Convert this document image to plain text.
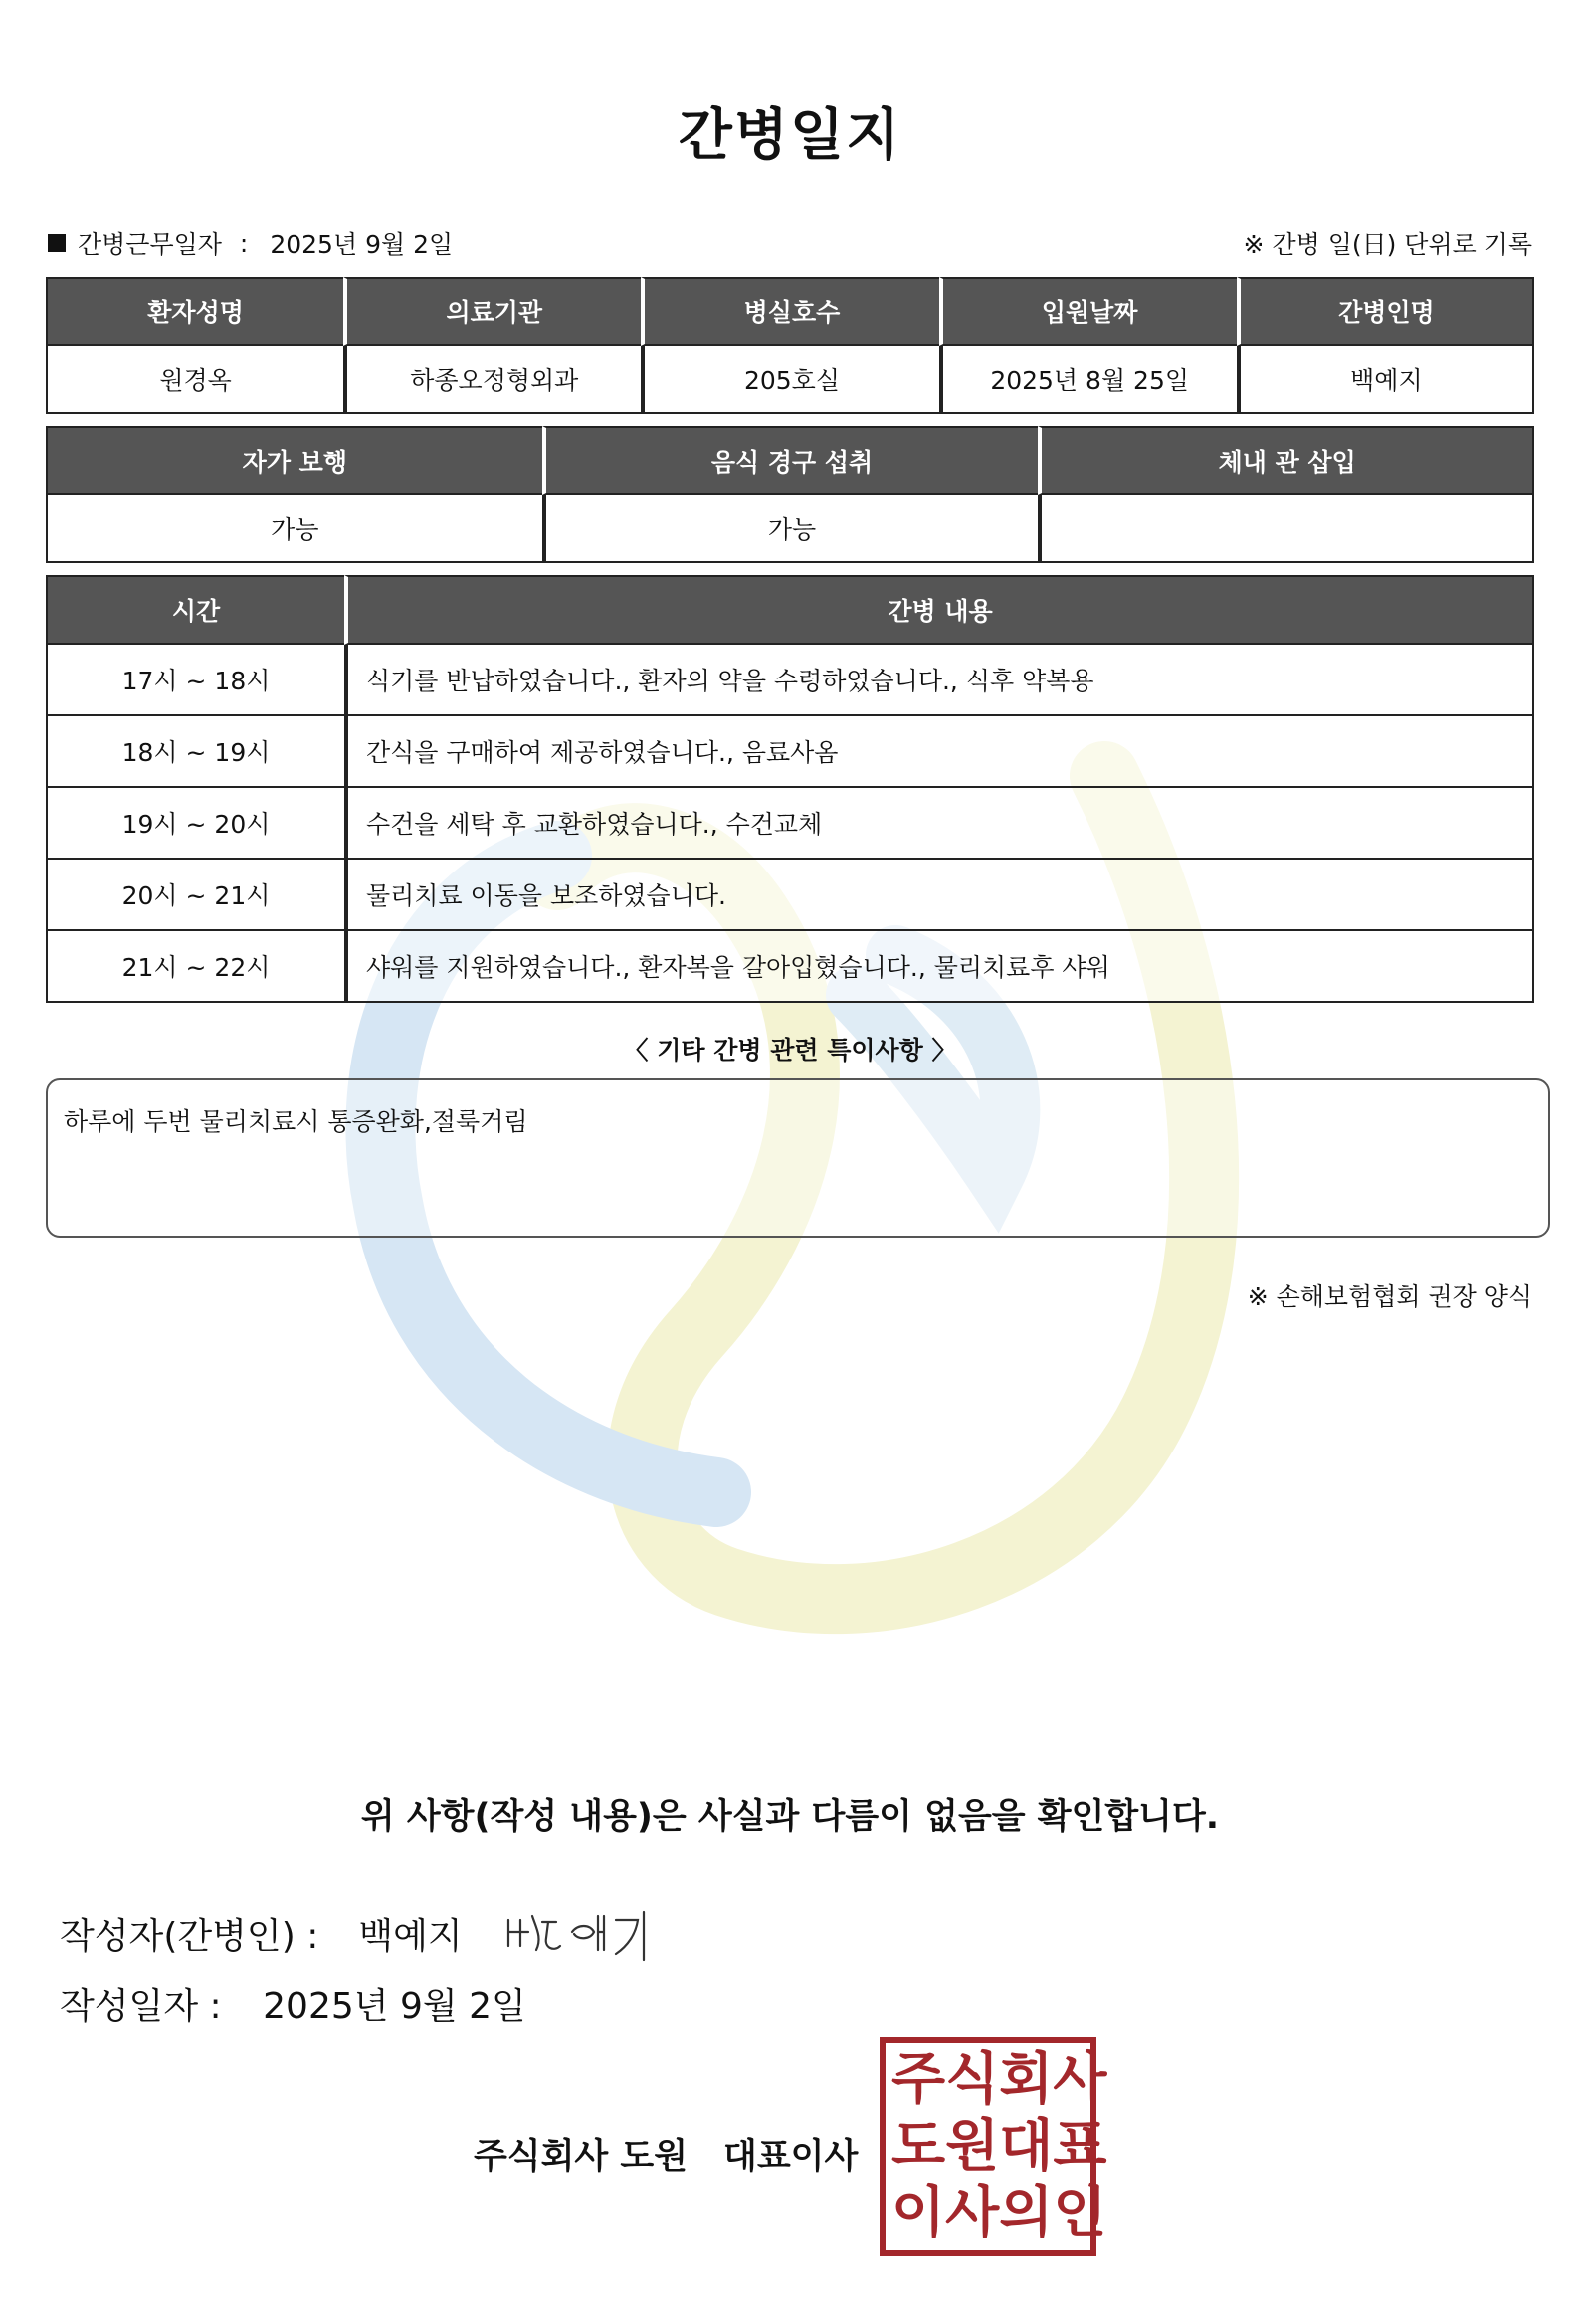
간병일지
간병근무일자 : 2025년 9월 2일	※ 간병 일(日) 단위로 기록
환자성명	의료기관	병실호수	입원날짜	간병인명
원경옥	하종오정형외과	205호실	2025년 8월 25일	백예지
자가 보행	음식 경구 섭취	체내 관 삽입
가능	가능	
시간	간병 내용
17시 ~ 18시	식기를 반납하였습니다., 환자의 약을 수령하였습니다., 식후 약복용
18시 ~ 19시	간식을 구매하여 제공하였습니다., 음료사옴
19시 ~ 20시	수건을 세탁 후 교환하였습니다., 수건교체
20시 ~ 21시	물리치료 이동을 보조하였습니다.
21시 ~ 22시	샤워를 지원하였습니다., 환자복을 갈아입혔습니다., 물리치료후 샤워
〈 기타 간병 관련 특이사항 〉
하루에 두번 물리치료시 통증완화,절룩거림
※ 손해보험협회 권장 양식
위 사항(작성 내용)은 사실과 다름이 없음을 확인합니다.
작성자(간병인) : 백예지
작성일자 : 2025년 9월 2일
주식회사 도원 대표이사
주 식 회 사
도 원 대 표
이 사 의 인
